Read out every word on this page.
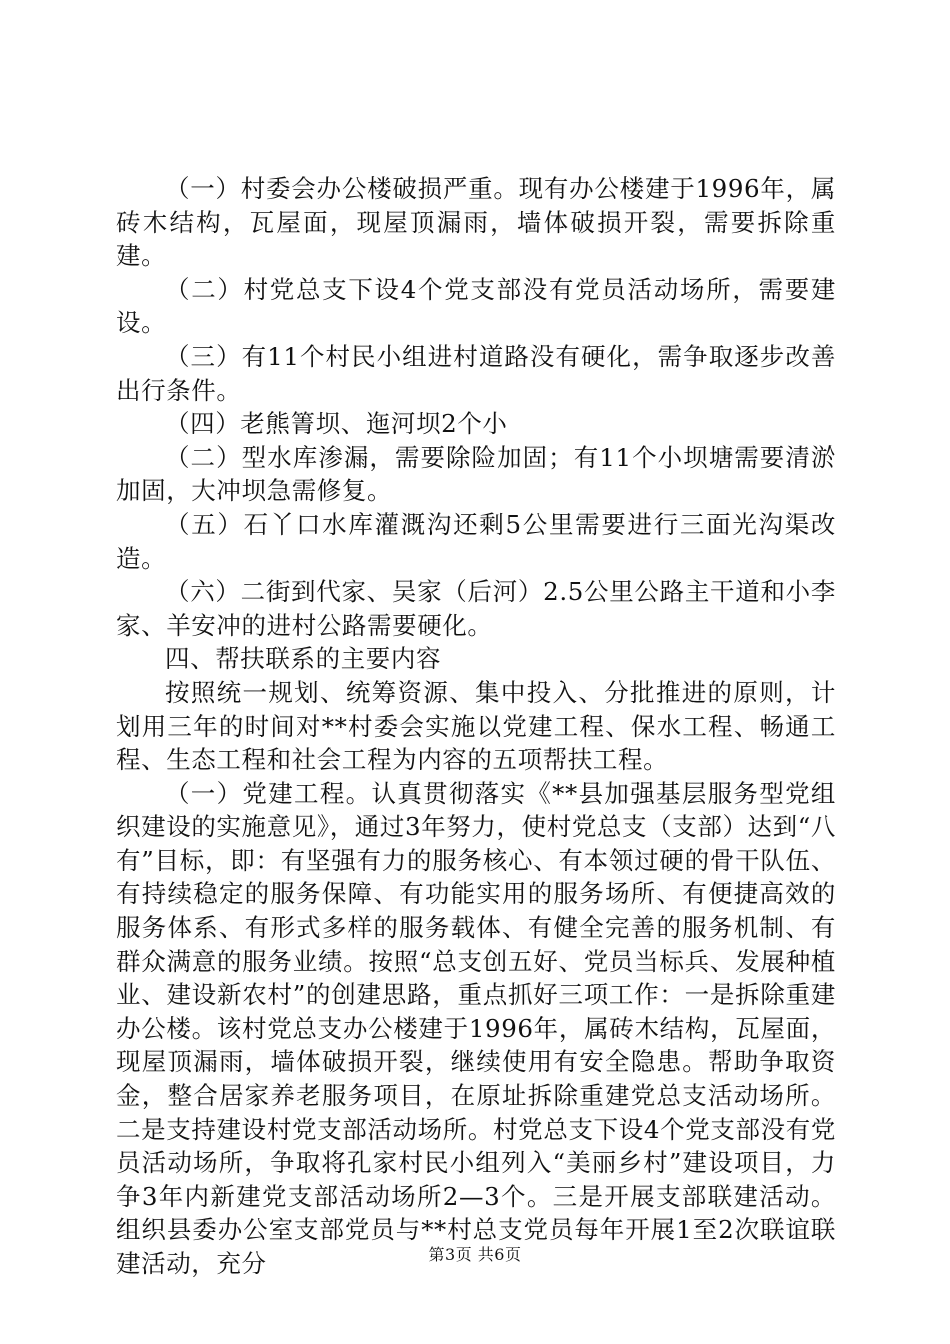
（一）村委会办公楼破损严重。现有办公楼建于1996年，属砖木结构，瓦屋面，现屋顶漏雨，墙体破损开裂，需要拆除重建。

（二）村党总支下设4个党支部没有党员活动场所，需要建设。

（三）有11个村民小组进村道路没有硬化，需争取逐步改善出行条件。

（四）老熊箐坝、迤河坝2个小

（二）型水库渗漏，需要除险加固；有11个小坝塘需要清淤加固，大冲坝急需修复。

（五）石丫口水库灌溉沟还剩5公里需要进行三面光沟渠改造。

（六）二街到代家、吴家（后河）2.5公里公路主干道和小李家、羊安冲的进村公路需要硬化。

四、帮扶联系的主要内容

按照统一规划、统筹资源、集中投入、分批推进的原则，计划用三年的时间对**村委会实施以党建工程、保水工程、畅通工程、生态工程和社会工程为内容的五项帮扶工程。

（一）党建工程。认真贯彻落实《**县加强基层服务型党组织建设的实施意见》，通过3年努力，使村党总支（支部）达到“八有”目标，即：有坚强有力的服务核心、有本领过硬的骨干队伍、有持续稳定的服务保障、有功能实用的服务场所、有便捷高效的服务体系、有形式多样的服务载体、有健全完善的服务机制、有群众满意的服务业绩。按照“总支创五好、党员当标兵、发展种植业、建设新农村”的创建思路，重点抓好三项工作：一是拆除重建办公楼。该村党总支办公楼建于1996年，属砖木结构，瓦屋面，现屋顶漏雨，墙体破损开裂，继续使用有安全隐患。帮助争取资金，整合居家养老服务项目，在原址拆除重建党总支活动场所。二是支持建设村党支部活动场所。村党总支下设4个党支部没有党员活动场所，争取将孔家村民小组列入“美丽乡村”建设项目，力争3年内新建党支部活动场所2—3个。三是开展支部联建活动。组织县委办公室支部党员与**村总支党员每年开展1至2次联谊联建活动，充分	第3页 共6页
